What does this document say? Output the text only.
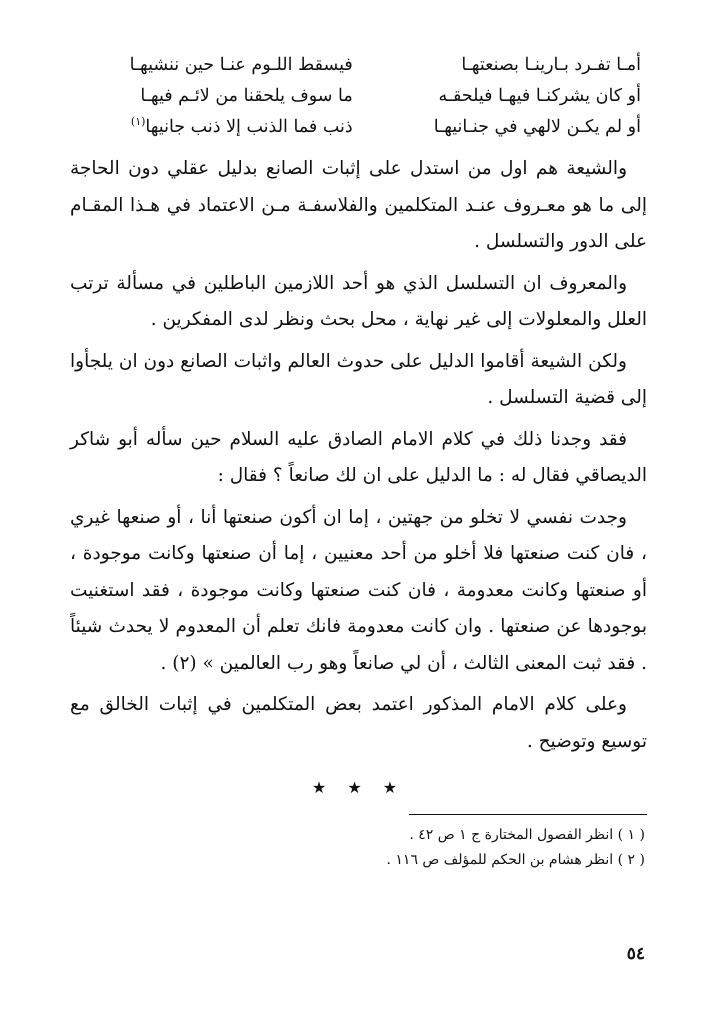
أمـا تفـرد بـارينـا بصنعتهـا
فيسقط اللـوم عنـا حين ننشيهـا
أو كان يشركنـا فيهـا فيلحقـه
ما سوف يلحقنا من لائـم فيهـا
أو لم يكـن لالهي في جنـانيهـا
ذنب فما الذنب إلا ذنب جانيها$^{(١)}$

والشيعة هم اول من استدل على إثبات الصانع بدليل عقلي دون الحاجة إلى ما هو معـروف عنـد المتكلمين والفلاسفـة مـن الاعتماد في هـذا المقـام على الدور والتسلسل .

والمعروف ان التسلسل الذي هو أحد اللازمين الباطلين في مسألة ترتب العلل والمعلولات إلى غير نهاية ، محل بحث ونظر لدى المفكرين .

ولكن الشيعة أقاموا الدليل على حدوث العالم واثبات الصانع دون ان يلجأوا إلى قضية التسلسل .

فقد وجدنا ذلك في كلام الامام الصادق عليه السلام حين سأله أبو شاكر الديصاقي فقال له : ما الدليل على ان لك صانعاً ؟ فقال :

وجدت نفسي لا تخلو من جهتين ، إما ان أكون صنعتها أنا ، أو صنعها غيري ، فان كنت صنعتها فلا أخلو من أحد معنيين ، إما أن صنعتها وكانت موجودة ، أو صنعتها وكانت معدومة ، فان كنت صنعتها وكانت موجودة ، فقد استغنيت بوجودها عن صنعتها . وان كانت معدومة فانك تعلم أن المعدوم لا يحدث شيئاً . فقد ثبت المعنى الثالث ، أن لي صانعاً وهو رب العالمين » (٢) .

وعلى كلام الامام المذكور اعتمد بعض المتكلمين في إثبات الخالق مع توسيع وتوضيح .

★ ★ ★
( ١ ) انظر الفصول المختارة ج ١ ص ٤٢ .
( ٢ ) انظر هشام بن الحكم للمؤلف ص ١١٦ .
٥٤
